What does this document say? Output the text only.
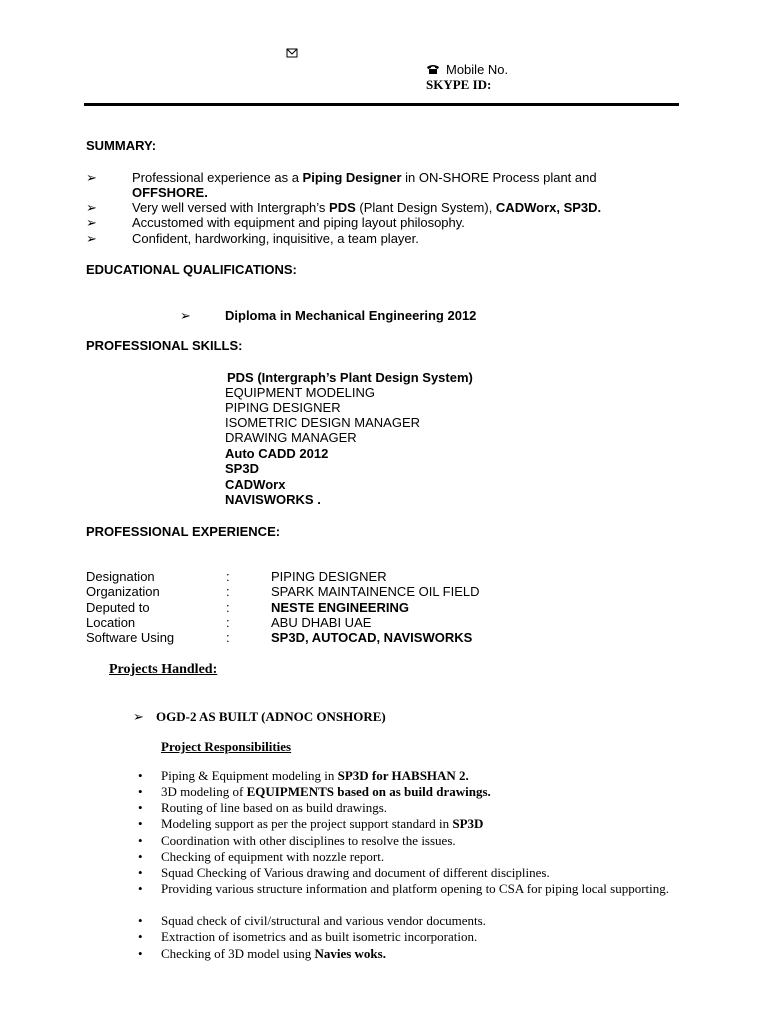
Mobile No.
SKYPE ID:
SUMMARY:
➢	Professional experience as a Piping Designer in ON-SHORE Process plant and
OFFSHORE.
➢	Very well versed with Intergraph’s PDS (Plant Design System), CADWorx, SP3D.
➢	Accustomed with equipment and piping layout philosophy.
➢	Confident, hardworking, inquisitive, a team player.
EDUCATIONAL QUALIFICATIONS:
➢	Diploma in Mechanical Engineering 2012
PROFESSIONAL SKILLS:
PDS (Intergraph’s Plant Design System)
EQUIPMENT MODELING
PIPING DESIGNER
ISOMETRIC DESIGN MANAGER
DRAWING MANAGER
Auto CADD 2012
SP3D
CADWorx
NAVISWORKS .
PROFESSIONAL EXPERIENCE:
Designation	:	PIPING DESIGNER
Organization	:	SPARK MAINTAINENCE OIL FIELD
Deputed to	:	NESTE ENGINEERING
Location	:	ABU DHABI UAE
Software Using	:	SP3D, AUTOCAD, NAVISWORKS
Projects Handled:
➢ OGD-2 AS BUILT (ADNOC ONSHORE)
Project Responsibilities
• Piping & Equipment modeling in SP3D for HABSHAN 2.
• 3D modeling of EQUIPMENTS based on as build drawings.
• Routing of line based on as build drawings.
• Modeling support as per the project support standard in SP3D
• Coordination with other disciplines to resolve the issues.
• Checking of equipment with nozzle report.
• Squad Checking of Various drawing and document of different disciplines.
• Providing various structure information and platform opening to CSA for piping local supporting.
• Squad check of civil/structural and various vendor documents.
• Extraction of isometrics and as built isometric incorporation.
• Checking of 3D model using Navies woks.
